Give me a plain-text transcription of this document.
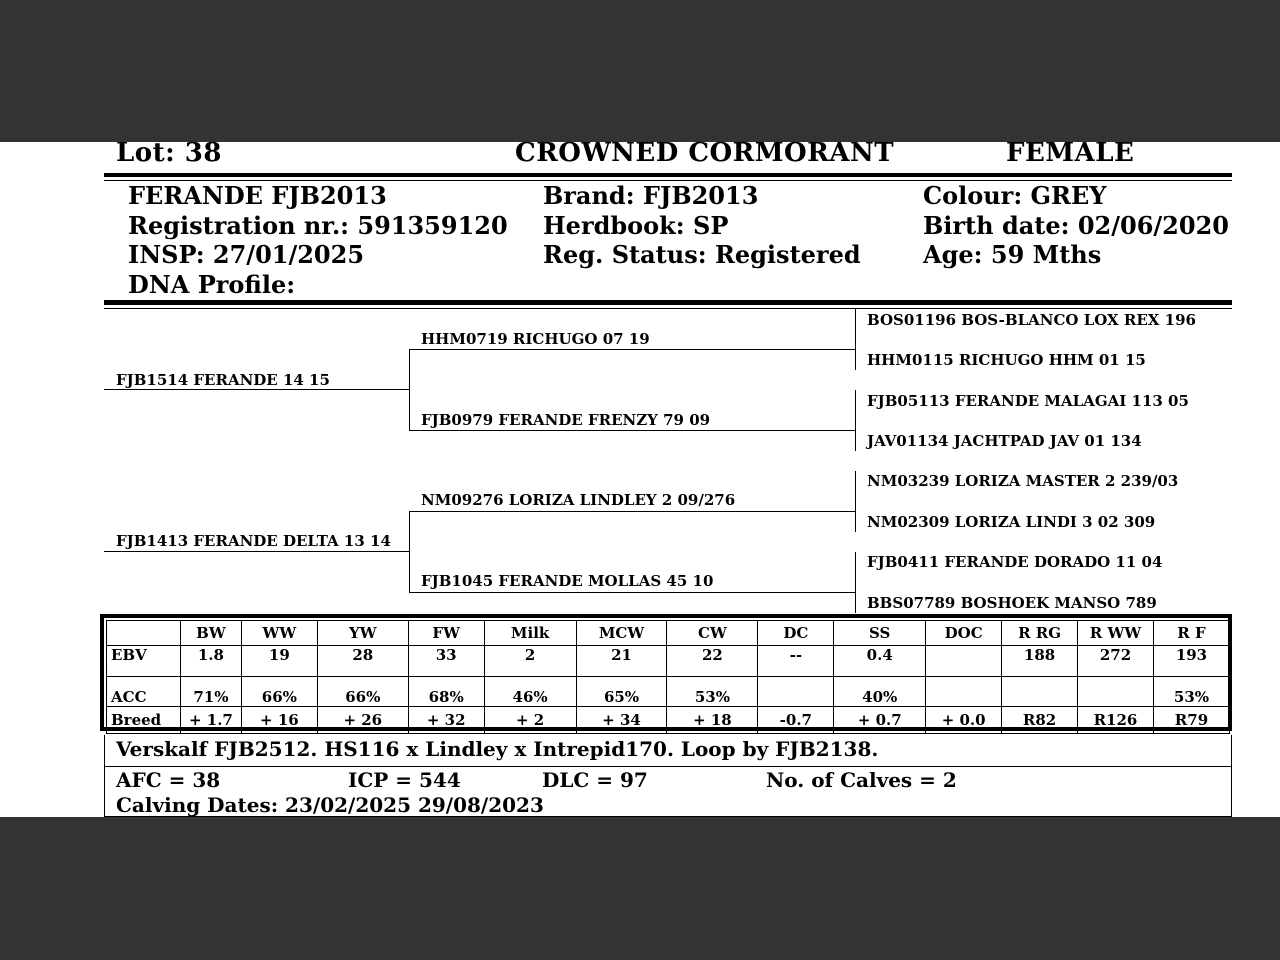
Lot: 38	CROWNED CORMORANT	FEMALE
FERANDE FJB2013
Registration nr.: 591359120
INSP: 27/01/2025
DNA Profile:
Brand: FJB2013
Herdbook: SP
Reg. Status: Registered
Colour: GREY
Birth date: 02/06/2020
Age: 59 Mths
FJB1514 FERANDE 14 15
HHM0719 RICHUGO 07 19
FJB0979 FERANDE FRENZY 79 09
FJB1413 FERANDE DELTA 13 14
NM09276 LORIZA LINDLEY 2 09/276
FJB1045 FERANDE MOLLAS 45 10
BOS01196 BOS-BLANCO LOX REX 196
HHM0115 RICHUGO HHM 01 15
FJB05113 FERANDE MALAGAI 113 05
JAV01134 JACHTPAD JAV 01 134
NM03239 LORIZA MASTER 2 239/03
NM02309 LORIZA LINDI 3 02 309
FJB0411 FERANDE DORADO 11 04
BBS07789 BOSHOEK MANSO 789
	BW	WW	YW	FW	Milk	MCW	CW	DC	SS	DOC	R RG	R WW	R F
EBV	1.8	19	28	33	2	21	22	--	0.4		188	272	193
ACC	71%	66%	66%	68%	46%	65%	53%		40%				53%
Breed	+ 1.7	+ 16	+ 26	+ 32	+ 2	+ 34	+ 18	-0.7	+ 0.7	+ 0.0	R82	R126	R79
Verskalf FJB2512. HS116 x Lindley x Intrepid170. Loop by FJB2138.
AFC = 38	ICP = 544	DLC = 97	No. of Calves = 2
Calving Dates: 23/02/2025 29/08/2023
